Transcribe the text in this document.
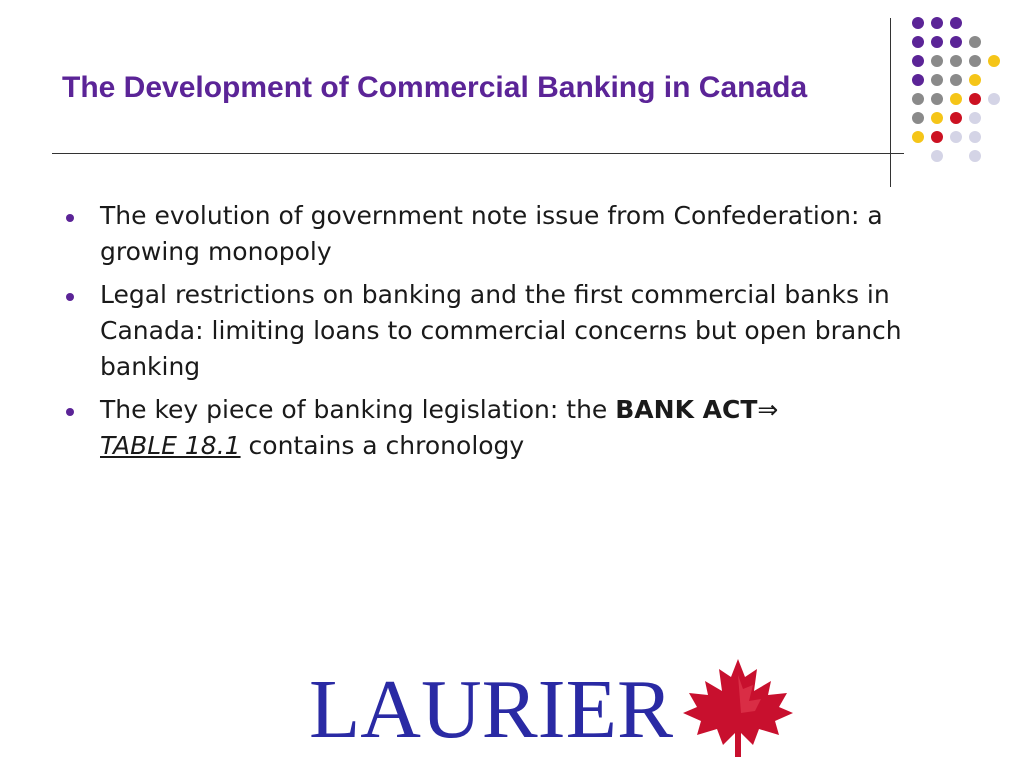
The Development of Commercial Banking in Canada
The evolution of government note issue from Confederation: a growing monopoly
Legal restrictions on banking and the first commercial banks in Canada: limiting loans to commercial concerns but open branch banking
The key piece of banking legislation: the BANK ACT⇒
TABLE 18.1 contains a chronology
LAURIER
